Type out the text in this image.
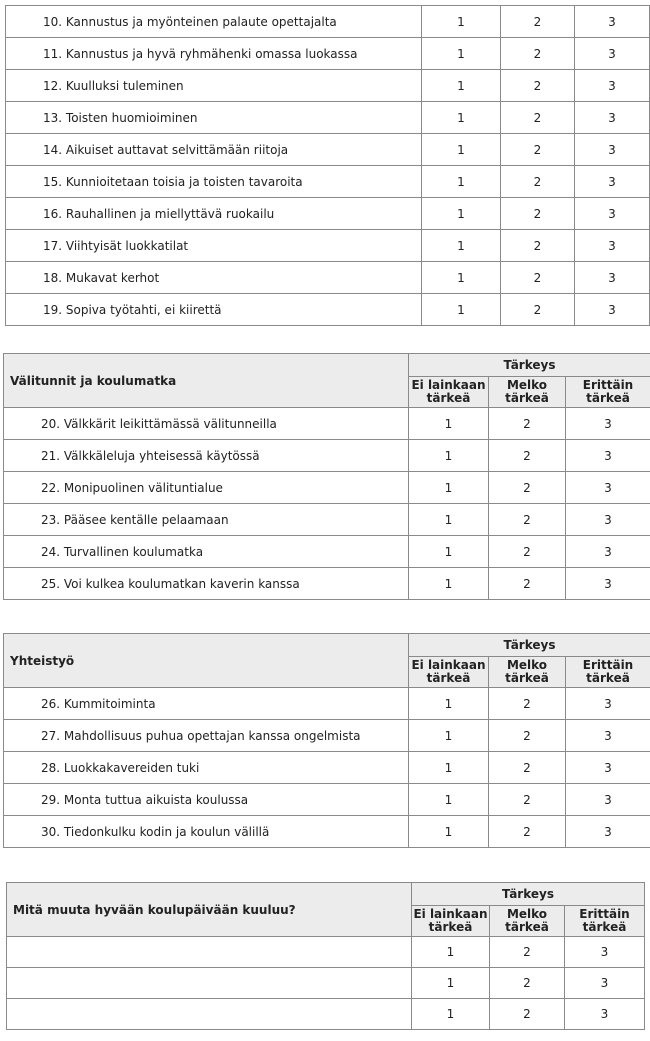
10. Kannustus ja myönteinen palaute opettajalta	1	2	3
11. Kannustus ja hyvä ryhmähenki omassa luokassa	1	2	3
12. Kuulluksi tuleminen	1	2	3
13. Toisten huomioiminen	1	2	3
14. Aikuiset auttavat selvittämään riitoja	1	2	3
15. Kunnioitetaan toisia ja toisten tavaroita	1	2	3
16. Rauhallinen ja miellyttävä ruokailu	1	2	3
17. Viihtyisät luokkatilat	1	2	3
18. Mukavat kerhot	1	2	3
19. Sopiva työtahti, ei kiirettä	1	2	3
Välitunnit ja koulumatka	Tärkeys		
	Ei lainkaan tärkeä	Melko tärkeä	Erittäin tärkeä
20. Välkkärit leikittämässä välitunneilla	1	2	3
21. Välkkäleluja yhteisessä käytössä	1	2	3
22. Monipuolinen välituntialue	1	2	3
23. Pääsee kentälle pelaamaan	1	2	3
24. Turvallinen koulumatka	1	2	3
25. Voi kulkea koulumatkan kaverin kanssa	1	2	3
Yhteistyö	Tärkeys		
	Ei lainkaan tärkeä	Melko tärkeä	Erittäin tärkeä
26. Kummitoiminta	1	2	3
27. Mahdollisuus puhua opettajan kanssa ongelmista	1	2	3
28. Luokkakavereiden tuki	1	2	3
29. Monta tuttua aikuista koulussa	1	2	3
30. Tiedonkulku kodin ja koulun välillä	1	2	3
Mitä muuta hyvään koulupäivään kuuluu?	Tärkeys		
	Ei lainkaan tärkeä	Melko tärkeä	Erittäin tärkeä
	1	2	3
	1	2	3
	1	2	3
